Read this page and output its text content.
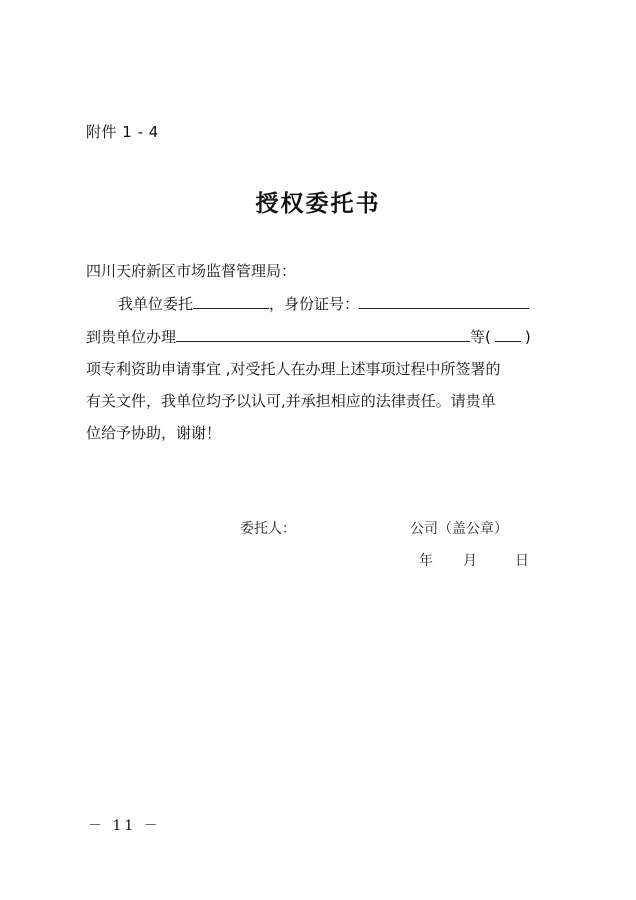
附件 1 - 4
授权委托书
四川天府新区市场监督管理局：
我单位委托	，身份证号：
到贵单位办理	等( )
项专利资助申请事宜 ,对受托人在办理上述事项过程中所签署的
有关文件，我单位均予以认可,并承担相应的法律责任。请贵单
位给予协助，谢谢！
委托人：	公司（盖公章）
年 月	日
－ 11 －
